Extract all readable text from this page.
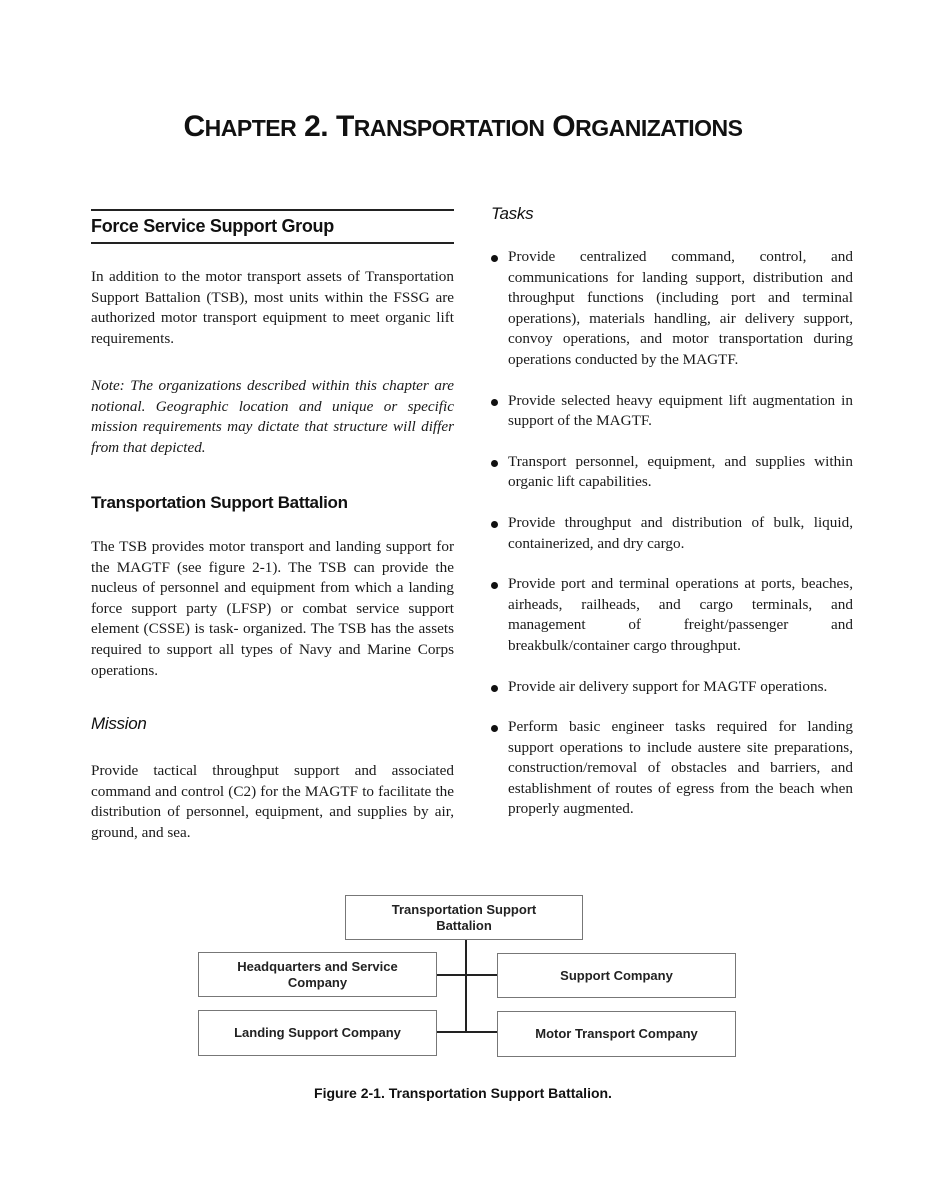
CHAPTER 2. TRANSPORTATION ORGANIZATIONS
Force Service Support Group

In addition to the motor transport assets of Transportation Support Battalion (TSB), most units within the FSSG are authorized motor transport equipment to meet organic lift requirements.

Note: The organizations described within this chapter are notional. Geographic location and unique or specific mission requirements may dictate that structure will differ from that depicted.

Transportation Support Battalion

The TSB provides motor transport and landing support for the MAGTF (see figure 2-1). The TSB can provide the nucleus of personnel and equipment from which a landing force support party (LFSP) or combat service support element (CSSE) is task- organized. The TSB has the assets required to support all types of Navy and Marine Corps operations.

Mission

Provide tactical throughput support and associated command and control (C2) for the MAGTF to facilitate the distribution of personnel, equipment, and supplies by air, ground, and sea.

Tasks
Provide centralized command, control, and communications for landing support, distribution and throughput functions (including port and terminal operations), materials handling, air delivery support, convoy operations, and motor transportation during operations conducted by the MAGTF.
Provide selected heavy equipment lift augmentation in support of the MAGTF.
Transport personnel, equipment, and supplies within organic lift capabilities.
Provide throughput and distribution of bulk, liquid, containerized, and dry cargo.
Provide port and terminal operations at ports, beaches, airheads, railheads, and cargo terminals, and management of freight/passenger and breakbulk/container cargo throughput.
Provide air delivery support for MAGTF operations.
Perform basic engineer tasks required for landing support operations to include austere site preparations, construction/removal of obstacles and barriers, and establishment of routes of egress from the beach when properly augmented.
Transportation Support Battalion
Headquarters and Service Company	Support Company
Landing Support Company	Motor Transport Company
Figure 2-1. Transportation Support Battalion.
